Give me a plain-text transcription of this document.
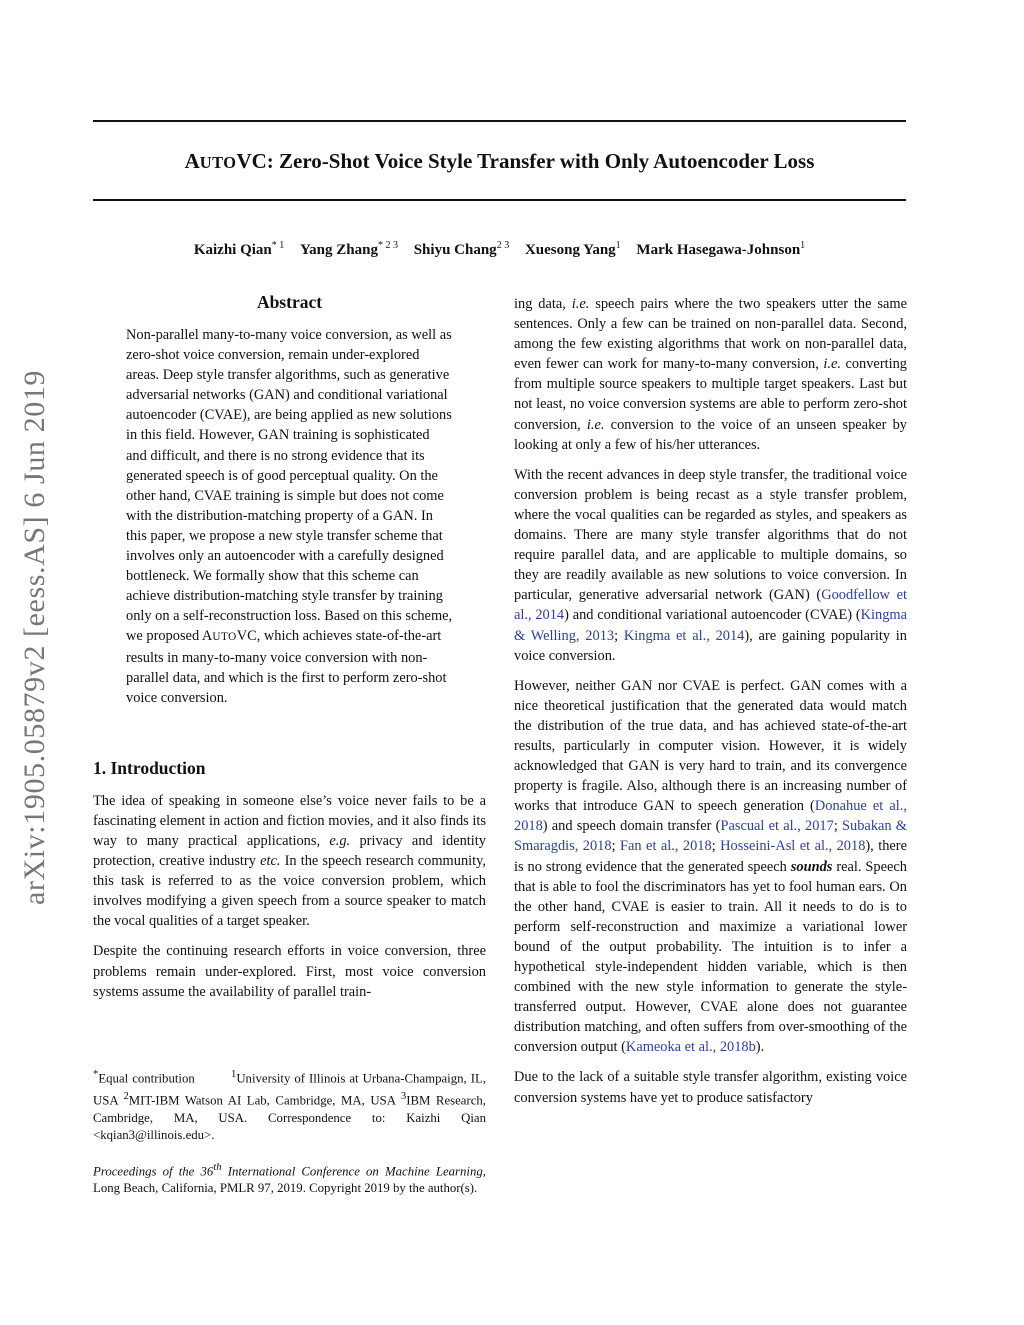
AUTOVC: Zero-Shot Voice Style Transfer with Only Autoencoder Loss
Kaizhi Qian$^{* 1}$ Yang Zhang$^{* 2 3}$ Shiyu Chang$^{2 3}$ Xuesong Yang$^1$ Mark Hasegawa-Johnson$^1$
arXiv:1905.05879v2 [eess.AS] 6 Jun 2019
Abstract

Non-parallel many-to-many voice conversion, as well as zero-shot voice conversion, remain under-explored areas. Deep style transfer algorithms, such as generative adversarial networks (GAN) and conditional variational autoencoder (CVAE), are being applied as new solutions in this field. However, GAN training is sophisticated and difficult, and there is no strong evidence that its generated speech is of good perceptual quality. On the other hand, CVAE training is simple but does not come with the distribution-matching property of a GAN. In this paper, we propose a new style transfer scheme that involves only an autoencoder with a carefully designed bottleneck. We formally show that this scheme can achieve distribution-matching style transfer by training only on a self-reconstruction loss. Based on this scheme, we proposed AUTOVC, which achieves state-of-the-art results in many-to-many voice conversion with non-parallel data, and which is the first to perform zero-shot voice conversion.

1. Introduction

The idea of speaking in someone else’s voice never fails to be a fascinating element in action and fiction movies, and it also finds its way to many practical applications, e.g. privacy and identity protection, creative industry etc. In the speech research community, this task is referred to as the voice conversion problem, which involves modifying a given speech from a source speaker to match the vocal qualities of a target speaker.

Despite the continuing research efforts in voice conversion, three problems remain under-explored. First, most voice conversion systems assume the availability of parallel train-

*Equal contribution	$^1$University of Illinois at Urbana-Champaign, IL, USA $^2$MIT-IBM Watson AI Lab, Cambridge, MA, USA $^3$IBM Research, Cambridge, MA, USA. Correspondence to: Kaizhi Qian <kqian3@illinois.edu>.

Proceedings of the 36th International Conference on Machine Learning, Long Beach, California, PMLR 97, 2019. Copyright 2019 by the author(s).

ing data, i.e. speech pairs where the two speakers utter the same sentences. Only a few can be trained on non-parallel data. Second, among the few existing algorithms that work on non-parallel data, even fewer can work for many-to-many conversion, i.e. converting from multiple source speakers to multiple target speakers. Last but not least, no voice conversion systems are able to perform zero-shot conversion, i.e. conversion to the voice of an unseen speaker by looking at only a few of his/her utterances.

With the recent advances in deep style transfer, the traditional voice conversion problem is being recast as a style transfer problem, where the vocal qualities can be regarded as styles, and speakers as domains. There are many style transfer algorithms that do not require parallel data, and are applicable to multiple domains, so they are readily available as new solutions to voice conversion. In particular, generative adversarial network (GAN) (Goodfellow et al., 2014) and conditional variational autoencoder (CVAE) (Kingma & Welling, 2013; Kingma et al., 2014), are gaining popularity in voice conversion.

However, neither GAN nor CVAE is perfect. GAN comes with a nice theoretical justification that the generated data would match the distribution of the true data, and has achieved state-of-the-art results, particularly in computer vision. However, it is widely acknowledged that GAN is very hard to train, and its convergence property is fragile. Also, although there is an increasing number of works that introduce GAN to speech generation (Donahue et al., 2018) and speech domain transfer (Pascual et al., 2017; Subakan & Smaragdis, 2018; Fan et al., 2018; Hosseini-Asl et al., 2018), there is no strong evidence that the generated speech sounds real. Speech that is able to fool the discriminators has yet to fool human ears. On the other hand, CVAE is easier to train. All it needs to do is to perform self-reconstruction and maximize a variational lower bound of the output probability. The intuition is to infer a hypothetical style-independent hidden variable, which is then combined with the new style information to generate the style-transferred output. However, CVAE alone does not guarantee distribution matching, and often suffers from over-smoothing of the conversion output (Kameoka et al., 2018b).

Due to the lack of a suitable style transfer algorithm, existing voice conversion systems have yet to produce satisfactory
